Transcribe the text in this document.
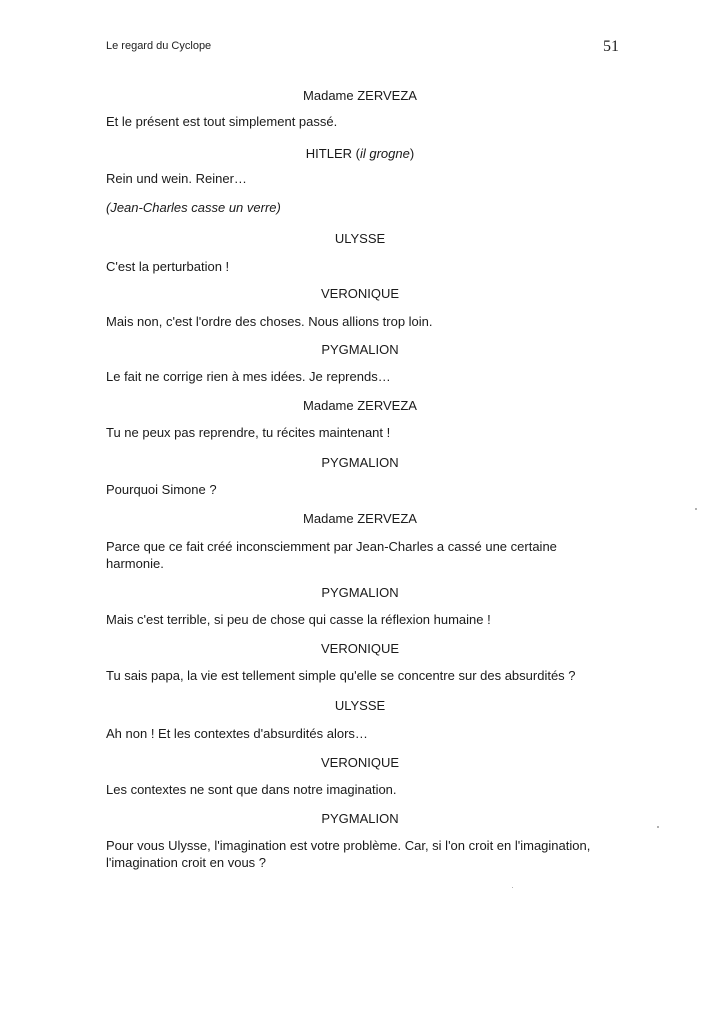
Le regard du Cyclope	51
Madame ZERVEZA
Et le présent est tout simplement passé.
HITLER (il grogne)
Rein und wein. Reiner…
(Jean-Charles casse un verre)
ULYSSE
C'est la perturbation !
VERONIQUE
Mais non, c'est l'ordre des choses. Nous allions trop loin.
PYGMALION
Le fait ne corrige rien à mes idées. Je reprends…
Madame ZERVEZA
Tu ne peux pas reprendre, tu récites maintenant !
PYGMALION
Pourquoi Simone ?
Madame ZERVEZA
Parce que ce fait créé inconsciemment par Jean-Charles a cassé une certaine harmonie.
PYGMALION
Mais c'est terrible, si peu de chose qui casse la réflexion humaine !
VERONIQUE
Tu sais papa, la vie est tellement simple qu'elle se concentre sur des absurdités ?
ULYSSE
Ah non ! Et les contextes d'absurdités alors…
VERONIQUE
Les contextes ne sont que dans notre imagination.
PYGMALION
Pour vous Ulysse, l'imagination est votre problème. Car, si l'on croit en l'imagination, l'imagination croit en vous ?
